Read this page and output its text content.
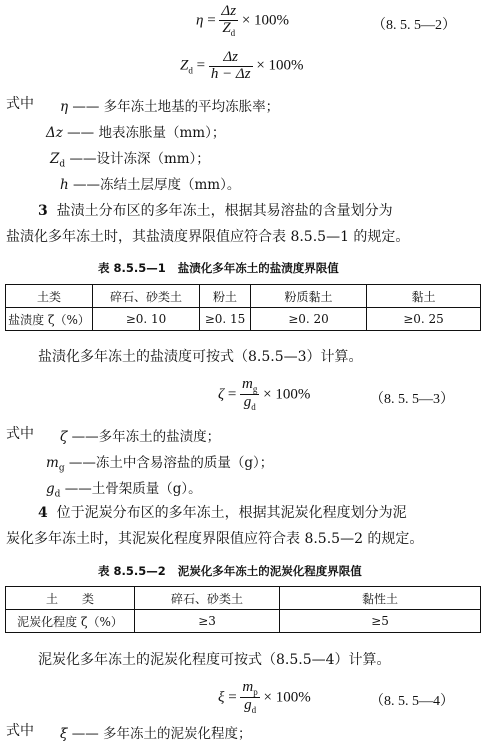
$\eta = \frac{\Delta z}{Z_d} \times 100\%$	（8. 5. 5—2）
$Z_d = \frac{\Delta z}{h - \Delta z} \times 100\%$
式中 η —— 多年冻土地基的平均冻胀率；
Δz —— 地表冻胀量（mm）；
$Z_d$ ——设计冻深（mm）；
h ——冻结土层厚度（mm）。
3 盐渍土分布区的多年冻土，根据其易溶盐的含量划分为
盐渍化多年冻土时，其盐渍度界限值应符合表 8.5.5—1 的规定。
表 8.5.5—1 盐渍化多年冻土的盐渍度界限值
土类	碎石、砂类土	粉土	粉质黏土	黏土
盐渍度 ζ（%）	≥0. 10	≥0. 15	≥0. 20	≥0. 25
盐渍化多年冻土的盐渍度可按式（8.5.5—3）计算。
$\zeta = \frac{m_g}{g_d} \times 100\%$	（8. 5. 5—3）
式中 ζ ——多年冻土的盐渍度；
$m_g$ ——冻土中含易溶盐的质量（g）；
$g_d$ ——土骨架质量（g）。
4 位于泥炭分布区的多年冻土，根据其泥炭化程度划分为泥
炭化多年冻土时，其泥炭化程度界限值应符合表 8.5.5—2 的规定。
表 8.5.5—2 泥炭化多年冻土的泥炭化程度界限值
土　　类	碎石、砂类土	黏性土
泥炭化程度 ζ（%）	≥3	≥5
泥炭化多年冻土的泥炭化程度可按式（8.5.5—4）计算。
$\xi = \frac{m_p}{g_d} \times 100\%$	（8. 5. 5—4）
式中 ξ —— 多年冻土的泥炭化程度；
